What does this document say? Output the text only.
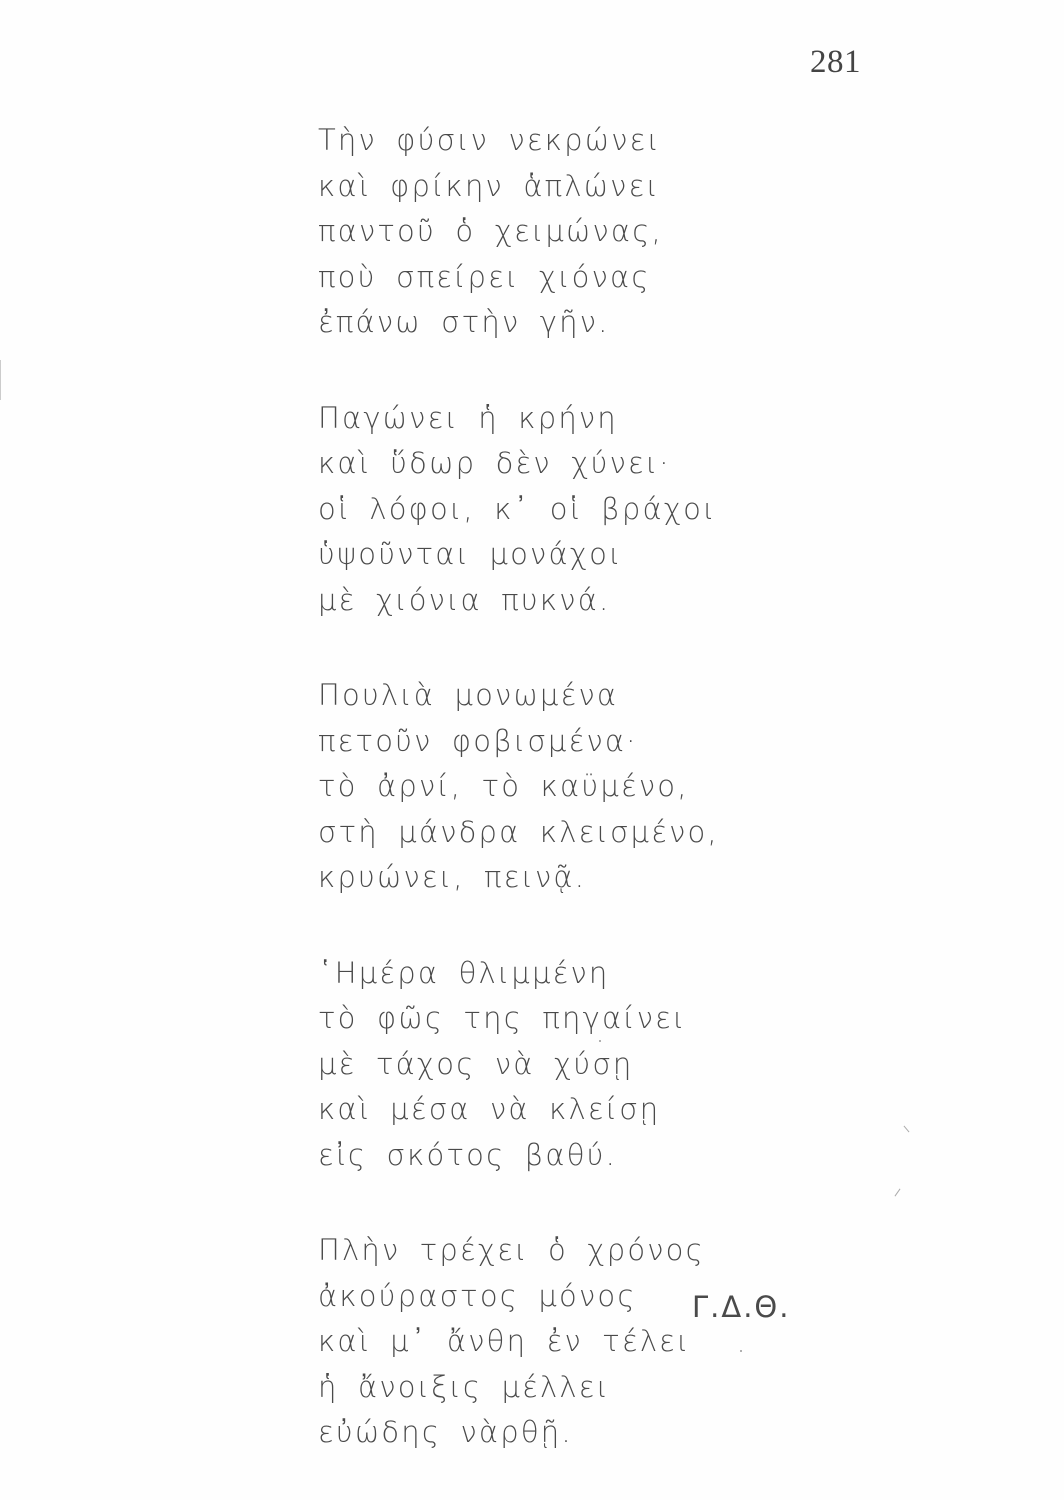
281
Τὴν φύσιν νεκρώνει
καὶ φρίκην ἁπλώνει
παντοῦ ὁ χειμώνας,
ποὺ σπείρει χιόνας
ἐπάνω στὴν γῆν.
Παγώνει ἡ κρήνη
καὶ ὕδωρ δὲν χύνει·
οἱ λόφοι, κ᾽ οἱ βράχοι
ὑψοῦνται μονάχοι
μὲ χιόνια πυκνά.
Πουλιὰ μονωμένα
πετοῦν φοβισμένα·
τὸ ἀρνί, τὸ καϋμένο,
στὴ μάνδρα κλεισμένο,
κρυώνει, πεινᾷ.
῾Ημέρα θλιμμένη
τὸ φῶς της πηγαίνει
μὲ τάχος νὰ χύσῃ
καὶ μέσα νὰ κλείσῃ
εἰς σκότος βαθύ.
Πλὴν τρέχει ὁ χρόνος
ἀκούραστος μόνος
καὶ μ᾽ ἄνθη ἐν τέλει
ἡ ἄνοιξις μέλλει
εὐώδης νὰρθῇ.
Γ.Δ.Θ.
